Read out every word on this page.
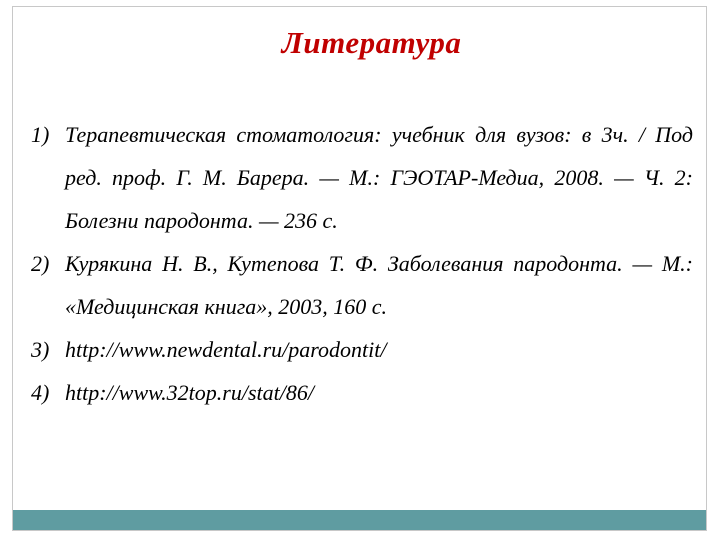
Литература
1) Терапевтическая стоматология: учебник для вузов: в 3ч. / Под ред. проф. Г. М. Барера. — М.: ГЭОТАР-Медиа, 2008. — Ч. 2: Болезни пародонта. — 236 с.
2) Курякина Н. В., Кутепова Т. Ф. Заболевания пародонта. — М.: «Медицинская книга», 2003, 160 с.
3) http://www.newdental.ru/parodontit/
4) http://www.32top.ru/stat/86/
